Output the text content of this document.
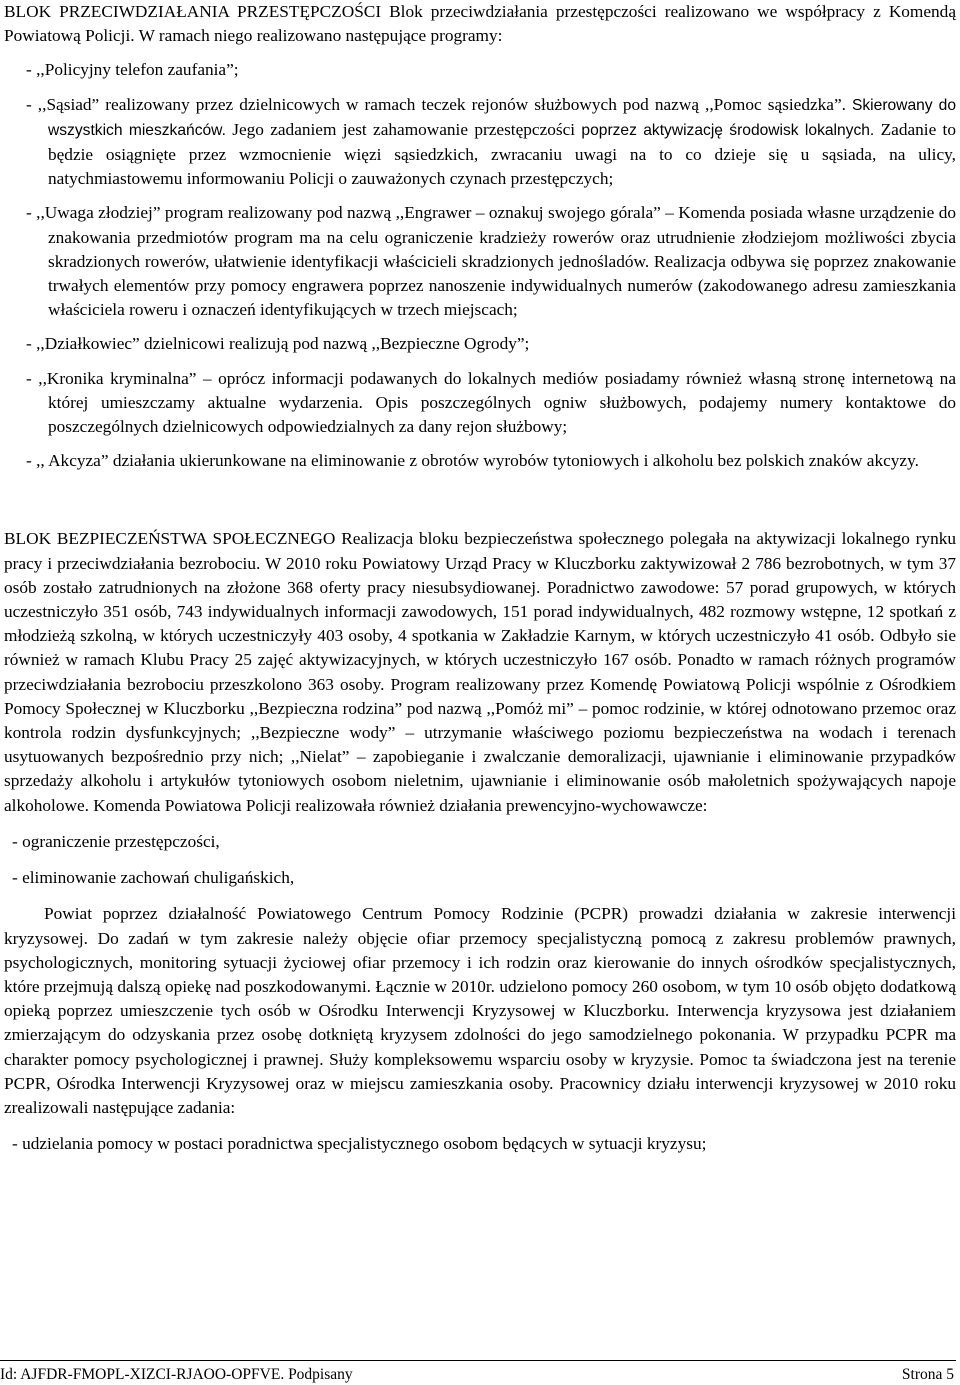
BLOK PRZECIWDZIAŁANIA PRZESTĘPCZOŚCI Blok przeciwdziałania przestępczości realizowano we współpracy z Komendą Powiatową Policji. W ramach niego realizowano następujące programy:

- ,,Policyjny telefon zaufania”;

- ,,Sąsiad” realizowany przez dzielnicowych w ramach teczek rejonów służbowych pod nazwą ,,Pomoc sąsiedzka”. Skierowany do wszystkich mieszkańców. Jego zadaniem jest zahamowanie przestępczości poprzez aktywizację środowisk lokalnych. Zadanie to będzie osiągnięte przez wzmocnienie więzi sąsiedzkich, zwracaniu uwagi na to co dzieje się u sąsiada, na ulicy, natychmiastowemu informowaniu Policji o zauważonych czynach przestępczych;

- ,,Uwaga złodziej” program realizowany pod nazwą ,,Engrawer – oznakuj swojego górala” – Komenda posiada własne urządzenie do znakowania przedmiotów program ma na celu ograniczenie kradzieży rowerów oraz utrudnienie złodziejom możliwości zbycia skradzionych rowerów, ułatwienie identyfikacji właścicieli skradzionych jednośladów. Realizacja odbywa się poprzez znakowanie trwałych elementów przy pomocy engrawera poprzez nanoszenie indywidualnych numerów (zakodowanego adresu zamieszkania właściciela roweru i oznaczeń identyfikujących w trzech miejscach;

- ,,Działkowiec” dzielnicowi realizują pod nazwą ,,Bezpieczne Ogrody”;

- ,,Kronika kryminalna” – oprócz informacji podawanych do lokalnych mediów posiadamy również własną stronę internetową na której umieszczamy aktualne wydarzenia. Opis poszczególnych ogniw służbowych, podajemy numery kontaktowe do poszczególnych dzielnicowych odpowiedzialnych za dany rejon służbowy;

- ,, Akcyza” działania ukierunkowane na eliminowanie z obrotów wyrobów tytoniowych i alkoholu bez polskich znaków akcyzy.

BLOK BEZPIECZEŃSTWA SPOŁECZNEGO Realizacja bloku bezpieczeństwa społecznego polegała na aktywizacji lokalnego rynku pracy i przeciwdziałania bezrobociu. W 2010 roku Powiatowy Urząd Pracy w Kluczborku zaktywizował 2 786 bezrobotnych, w tym 37 osób zostało zatrudnionych na złożone 368 oferty pracy niesubsydiowanej. Poradnictwo zawodowe: 57 porad grupowych, w których uczestniczyło 351 osób, 743 indywidualnych informacji zawodowych, 151 porad indywidualnych, 482 rozmowy wstępne, 12 spotkań z młodzieżą szkolną, w których uczestniczyły 403 osoby, 4 spotkania w Zakładzie Karnym, w których uczestniczyło 41 osób. Odbyło sie również w ramach Klubu Pracy 25 zajęć aktywizacyjnych, w których uczestniczyło 167 osób. Ponadto w ramach różnych programów przeciwdziałania bezrobociu przeszkolono 363 osoby. Program realizowany przez Komendę Powiatową Policji wspólnie z Ośrodkiem Pomocy Społecznej w Kluczborku ,,Bezpieczna rodzina” pod nazwą ,,Pomóż mi” – pomoc rodzinie, w której odnotowano przemoc oraz kontrola rodzin dysfunkcyjnych; ,,Bezpieczne wody” – utrzymanie właściwego poziomu bezpieczeństwa na wodach i terenach usytuowanych bezpośrednio przy nich; ,,Nielat” – zapobieganie i zwalczanie demoralizacji, ujawnianie i eliminowanie przypadków sprzedaży alkoholu i artykułów tytoniowych osobom nieletnim, ujawnianie i eliminowanie osób małoletnich spożywających napoje alkoholowe. Komenda Powiatowa Policji realizowała również działania prewencyjno-wychowawcze:

- ograniczenie przestępczości,

- eliminowanie zachowań chuligańskich,

Powiat poprzez działalność Powiatowego Centrum Pomocy Rodzinie (PCPR) prowadzi działania w zakresie interwencji kryzysowej. Do zadań w tym zakresie należy objęcie ofiar przemocy specjalistyczną pomocą z zakresu problemów prawnych, psychologicznych, monitoring sytuacji życiowej ofiar przemocy i ich rodzin oraz kierowanie do innych ośrodków specjalistycznych, które przejmują dalszą opiekę nad poszkodowanymi. Łącznie w 2010r. udzielono pomocy 260 osobom, w tym 10 osób objęto dodatkową opieką poprzez umieszczenie tych osób w Ośrodku Interwencji Kryzysowej w Kluczborku. Interwencja kryzysowa jest działaniem zmierzającym do odzyskania przez osobę dotkniętą kryzysem zdolności do jego samodzielnego pokonania. W przypadku PCPR ma charakter pomocy psychologicznej i prawnej. Służy kompleksowemu wsparciu osoby w kryzysie. Pomoc ta świadczona jest na terenie PCPR, Ośrodka Interwencji Kryzysowej oraz w miejscu zamieszkania osoby. Pracownicy działu interwencji kryzysowej w 2010 roku zrealizowali następujące zadania:

- udzielania pomocy w postaci poradnictwa specjalistycznego osobom będących w sytuacji kryzysu;

Id: AJFDR-FMOPL-XIZCI-RJAOO-OPFVE. Podpisany	Strona 5
